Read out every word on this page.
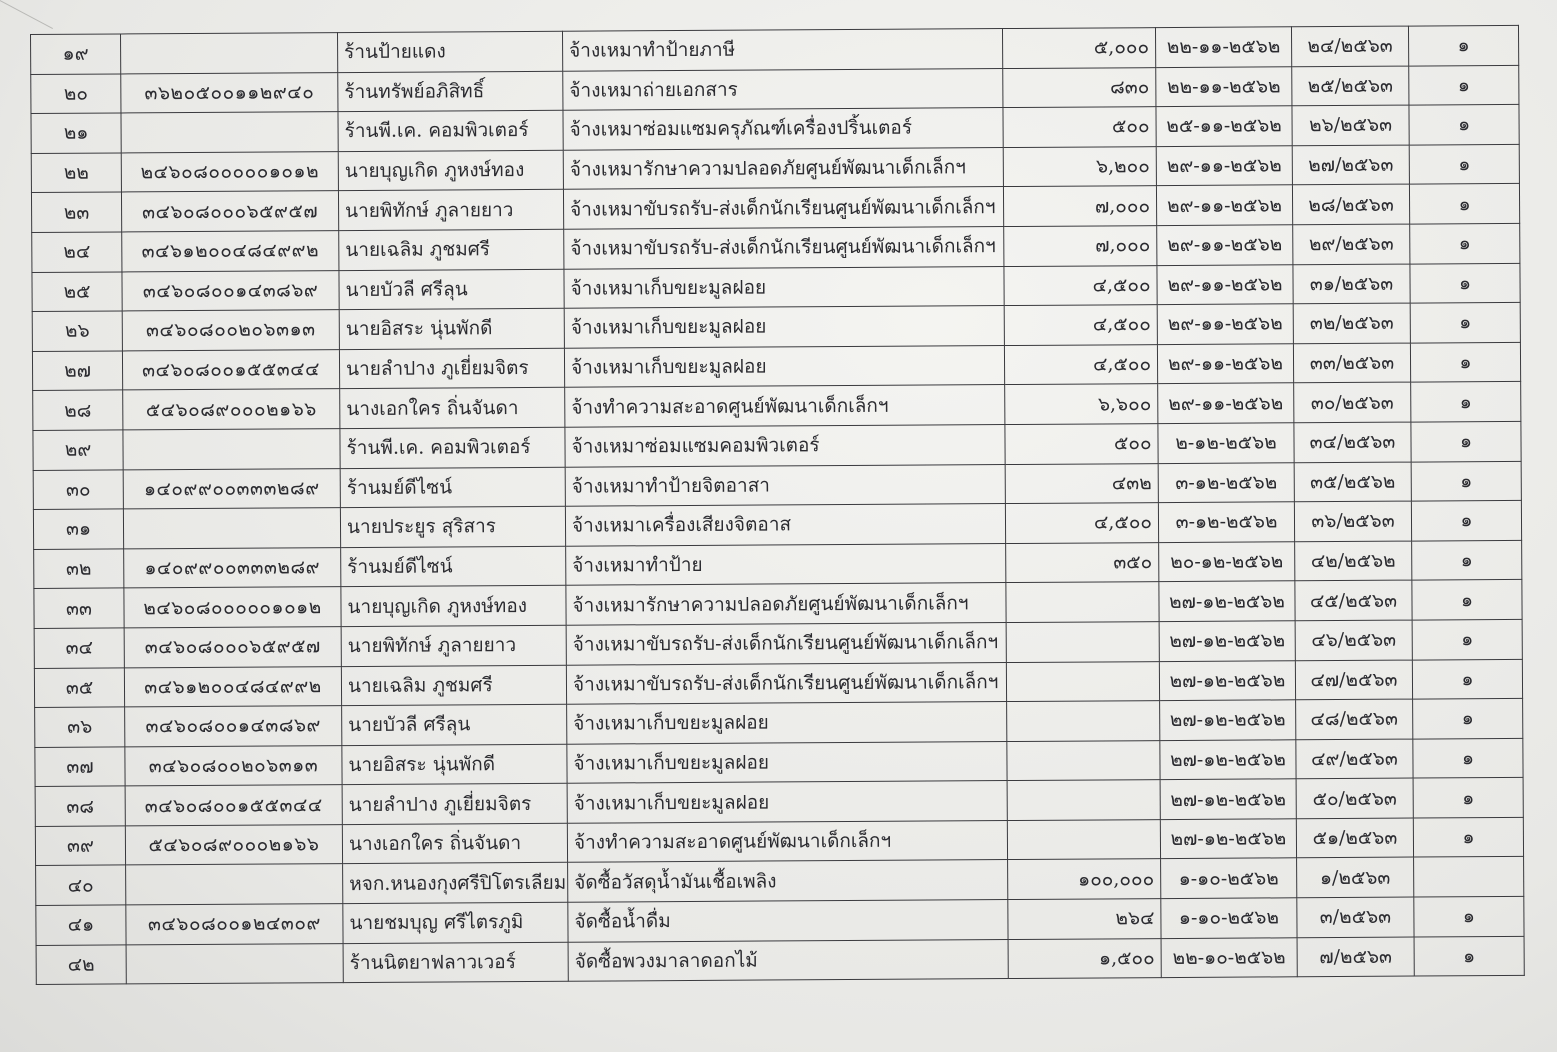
๑๙		ร้านป้ายแดง	จ้างเหมาทำป้ายภาษี	๕,๐๐๐	๒๒-๑๑-๒๕๖๒	๒๔/๒๕๖๓	๑
๒๐	๓๖๒๐๕๐๐๑๑๒๙๔๐	ร้านทรัพย์อภิสิทธิ์	จ้างเหมาถ่ายเอกสาร	๘๓๐	๒๒-๑๑-๒๕๖๒	๒๕/๒๕๖๓	๑
๒๑		ร้านพี.เค. คอมพิวเตอร์	จ้างเหมาซ่อมแซมครุภัณฑ์เครื่องปริ้นเตอร์	๕๐๐	๒๕-๑๑-๒๕๖๒	๒๖/๒๕๖๓	๑
๒๒	๒๔๖๐๘๐๐๐๐๐๑๐๑๒	นายบุญเกิด ภูหงษ์ทอง	จ้างเหมารักษาความปลอดภัยศูนย์พัฒนาเด็กเล็กฯ	๖,๒๐๐	๒๙-๑๑-๒๕๖๒	๒๗/๒๕๖๓	๑
๒๓	๓๔๖๐๘๐๐๐๖๕๙๕๗	นายพิทักษ์ ภูลายยาว	จ้างเหมาขับรถรับ-ส่งเด็กนักเรียนศูนย์พัฒนาเด็กเล็กฯ	๗,๐๐๐	๒๙-๑๑-๒๕๖๒	๒๘/๒๕๖๓	๑
๒๔	๓๔๖๑๒๐๐๔๘๔๙๙๒	นายเฉลิม ภูชมศรี	จ้างเหมาขับรถรับ-ส่งเด็กนักเรียนศูนย์พัฒนาเด็กเล็กฯ	๗,๐๐๐	๒๙-๑๑-๒๕๖๒	๒๙/๒๕๖๓	๑
๒๕	๓๔๖๐๘๐๐๑๔๓๘๖๙	นายบัวลี ศรีลุน	จ้างเหมาเก็บขยะมูลฝอย	๔,๕๐๐	๒๙-๑๑-๒๕๖๒	๓๑/๒๕๖๓	๑
๒๖	๓๔๖๐๘๐๐๒๐๖๓๑๓	นายอิสระ นุ่นพักดี	จ้างเหมาเก็บขยะมูลฝอย	๔,๕๐๐	๒๙-๑๑-๒๕๖๒	๓๒/๒๕๖๓	๑
๒๗	๓๔๖๐๘๐๐๑๕๕๓๔๔	นายลำปาง ภูเยี่ยมจิตร	จ้างเหมาเก็บขยะมูลฝอย	๔,๕๐๐	๒๙-๑๑-๒๕๖๒	๓๓/๒๕๖๓	๑
๒๘	๕๔๖๐๘๙๐๐๐๒๑๖๖	นางเอกใคร ถิ่นจันดา	จ้างทำความสะอาดศูนย์พัฒนาเด็กเล็กฯ	๖,๖๐๐	๒๙-๑๑-๒๕๖๒	๓๐/๒๕๖๓	๑
๒๙		ร้านพี.เค. คอมพิวเตอร์	จ้างเหมาซ่อมแซมคอมพิวเตอร์	๕๐๐	๒-๑๒-๒๕๖๒	๓๔/๒๕๖๓	๑
๓๐	๑๔๐๙๙๐๐๓๓๓๒๘๙	ร้านมย์ดีไซน์	จ้างเหมาทำป้ายจิตอาสา	๔๓๒	๓-๑๒-๒๕๖๒	๓๕/๒๕๖๒	๑
๓๑		นายประยูร สุริสาร	จ้างเหมาเครื่องเสียงจิตอาส	๔,๕๐๐	๓-๑๒-๒๕๖๒	๓๖/๒๕๖๓	๑
๓๒	๑๔๐๙๙๐๐๓๓๓๒๘๙	ร้านมย์ดีไซน์	จ้างเหมาทำป้าย	๓๕๐	๒๐-๑๒-๒๕๖๒	๔๒/๒๕๖๒	๑
๓๓	๒๔๖๐๘๐๐๐๐๐๑๐๑๒	นายบุญเกิด ภูหงษ์ทอง	จ้างเหมารักษาความปลอดภัยศูนย์พัฒนาเด็กเล็กฯ		๒๗-๑๒-๒๕๖๒	๔๕/๒๕๖๓	๑
๓๔	๓๔๖๐๘๐๐๐๖๕๙๕๗	นายพิทักษ์ ภูลายยาว	จ้างเหมาขับรถรับ-ส่งเด็กนักเรียนศูนย์พัฒนาเด็กเล็กฯ		๒๗-๑๒-๒๕๖๒	๔๖/๒๕๖๓	๑
๓๕	๓๔๖๑๒๐๐๔๘๔๙๙๒	นายเฉลิม ภูชมศรี	จ้างเหมาขับรถรับ-ส่งเด็กนักเรียนศูนย์พัฒนาเด็กเล็กฯ		๒๗-๑๒-๒๕๖๒	๔๗/๒๕๖๓	๑
๓๖	๓๔๖๐๘๐๐๑๔๓๘๖๙	นายบัวลี ศรีลุน	จ้างเหมาเก็บขยะมูลฝอย		๒๗-๑๒-๒๕๖๒	๔๘/๒๕๖๓	๑
๓๗	๓๔๖๐๘๐๐๒๐๖๓๑๓	นายอิสระ นุ่นพักดี	จ้างเหมาเก็บขยะมูลฝอย		๒๗-๑๒-๒๕๖๒	๔๙/๒๕๖๓	๑
๓๘	๓๔๖๐๘๐๐๑๕๕๓๔๔	นายลำปาง ภูเยี่ยมจิตร	จ้างเหมาเก็บขยะมูลฝอย		๒๗-๑๒-๒๕๖๒	๕๐/๒๕๖๓	๑
๓๙	๕๔๖๐๘๙๐๐๐๒๑๖๖	นางเอกใคร ถิ่นจันดา	จ้างทำความสะอาดศูนย์พัฒนาเด็กเล็กฯ		๒๗-๑๒-๒๕๖๒	๕๑/๒๕๖๓	๑
๔๐		หจก.หนองกุงศรีปิโตรเลียม	จัดซื้อวัสดุน้ำมันเชื้อเพลิง	๑๐๐,๐๐๐	๑-๑๐-๒๕๖๒	๑/๒๕๖๓	
๔๑	๓๔๖๐๘๐๐๑๒๔๓๐๙	นายชมบุญ ศรีไตรภูมิ	จัดซื้อน้ำดื่ม	๒๖๔	๑-๑๐-๒๕๖๒	๓/๒๕๖๓	๑
๔๒		ร้านนิตยาฟลาวเวอร์	จัดซื้อพวงมาลาดอกไม้	๑,๕๐๐	๒๒-๑๐-๒๕๖๒	๗/๒๕๖๓	๑
